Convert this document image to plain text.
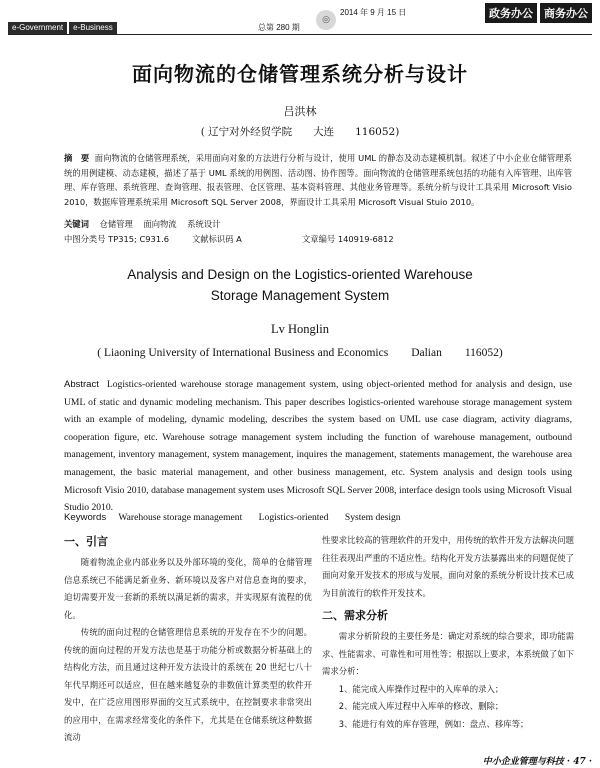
e-Government	e-Business	总第 280 期
◎
2014 年 9 月 15 日	政务办公	商务办公
面向物流的仓储管理系统分析与设计
吕洪林
( 辽宁对外经贸学院　　大连　　116052)
摘　要 面向物流的仓储管理系统，采用面向对象的方法进行分析与设计，使用 UML 的静态及动态建模机制。叙述了中小企业仓储管理系统的用例建模、动态建模，描述了基于 UML 系统的用例图、活动图、协作图等。面向物流的仓储管理系统包括的功能有入库管理、出库管理、库存管理、系统管理、查询管理、报表管理、仓区管理、基本资料管理、其他业务管理等。系统分析与设计工具采用 Microsoft Visio 2010，数据库管理系统采用 Microsoft SQL Server 2008，界面设计工具采用 Microsoft Visual Stuio 2010。
关键词 仓储管理 面向物流 系统设计
中图分类号 TP315; C931.6	文献标识码 A	文章编号 140919-6812
Analysis and Design on the Logistics-oriented Warehouse
Storage Management System
Lv Honglin
( Liaoning University of International Business and Economics　　Dalian　　116052)
Abstract Logistics-oriented warehouse storage management system, using object-oriented method for analysis and design, use UML of static and dynamic modeling mechanism. This paper describes logistics-oriented warehouse storage management system with an example of modeling, dynamic modeling, describes the system based on UML use case diagram, activity diagrams, cooperation figure, etc. Warehouse sotrage management system including the function of warehouse management, outbound management, inventory management, system management, inquires the management, statements management, the warehouse area management, the basic material management, and other business management, etc. System analysis and design tools using Microsoft Visio 2010, database management system uses Microsoft SQL Server 2008, interface design tools using Microsoft Visual Studio 2010.
Keywords Warehouse storage management Logistics-oriented System design
一、引言

随着物流企业内部业务以及外部环境的变化，简单的仓储管理信息系统已不能满足新业务、新环境以及客户对信息查询的要求，迫切需要开发一套新的系统以满足新的需求，并实现原有流程的优化。

传统的面向过程的仓储管理信息系统的开发存在不少的问题。传统的面向过程的开发方法也是基于功能分析或数据分析基础上的结构化方法，而且通过这种开发方法设计的系统在 20 世纪七八十年代早期还可以适应，但在越来越复杂的非数值计算类型的软件开发中，在广泛应用图形界面的交互式系统中，在控制要求非常突出的应用中，在需求经常变化的条件下，尤其是在仓储系统这种数据流动

性要求比较高的管理软件的开发中，用传统的软件开发方法解决问题往往表现出严重的不适应性。结构化开发方法暴露出来的问题促使了面向对象开发技术的形成与发展，面向对象的系统分析设计技术已成为目前流行的软件开发技术。

二、需求分析

需求分析阶段的主要任务是：确定对系统的综合要求，即功能需求、性能需求、可靠性和可用性等；根据以上要求，本系统做了如下需求分析：

1、能完成入库操作过程中的入库单的录入；

2、能完成入库过程中入库单的修改、删除；

3、能进行有效的库存管理，例如：盘点、移库等；

中小企业管理与科技 · 47 ·
